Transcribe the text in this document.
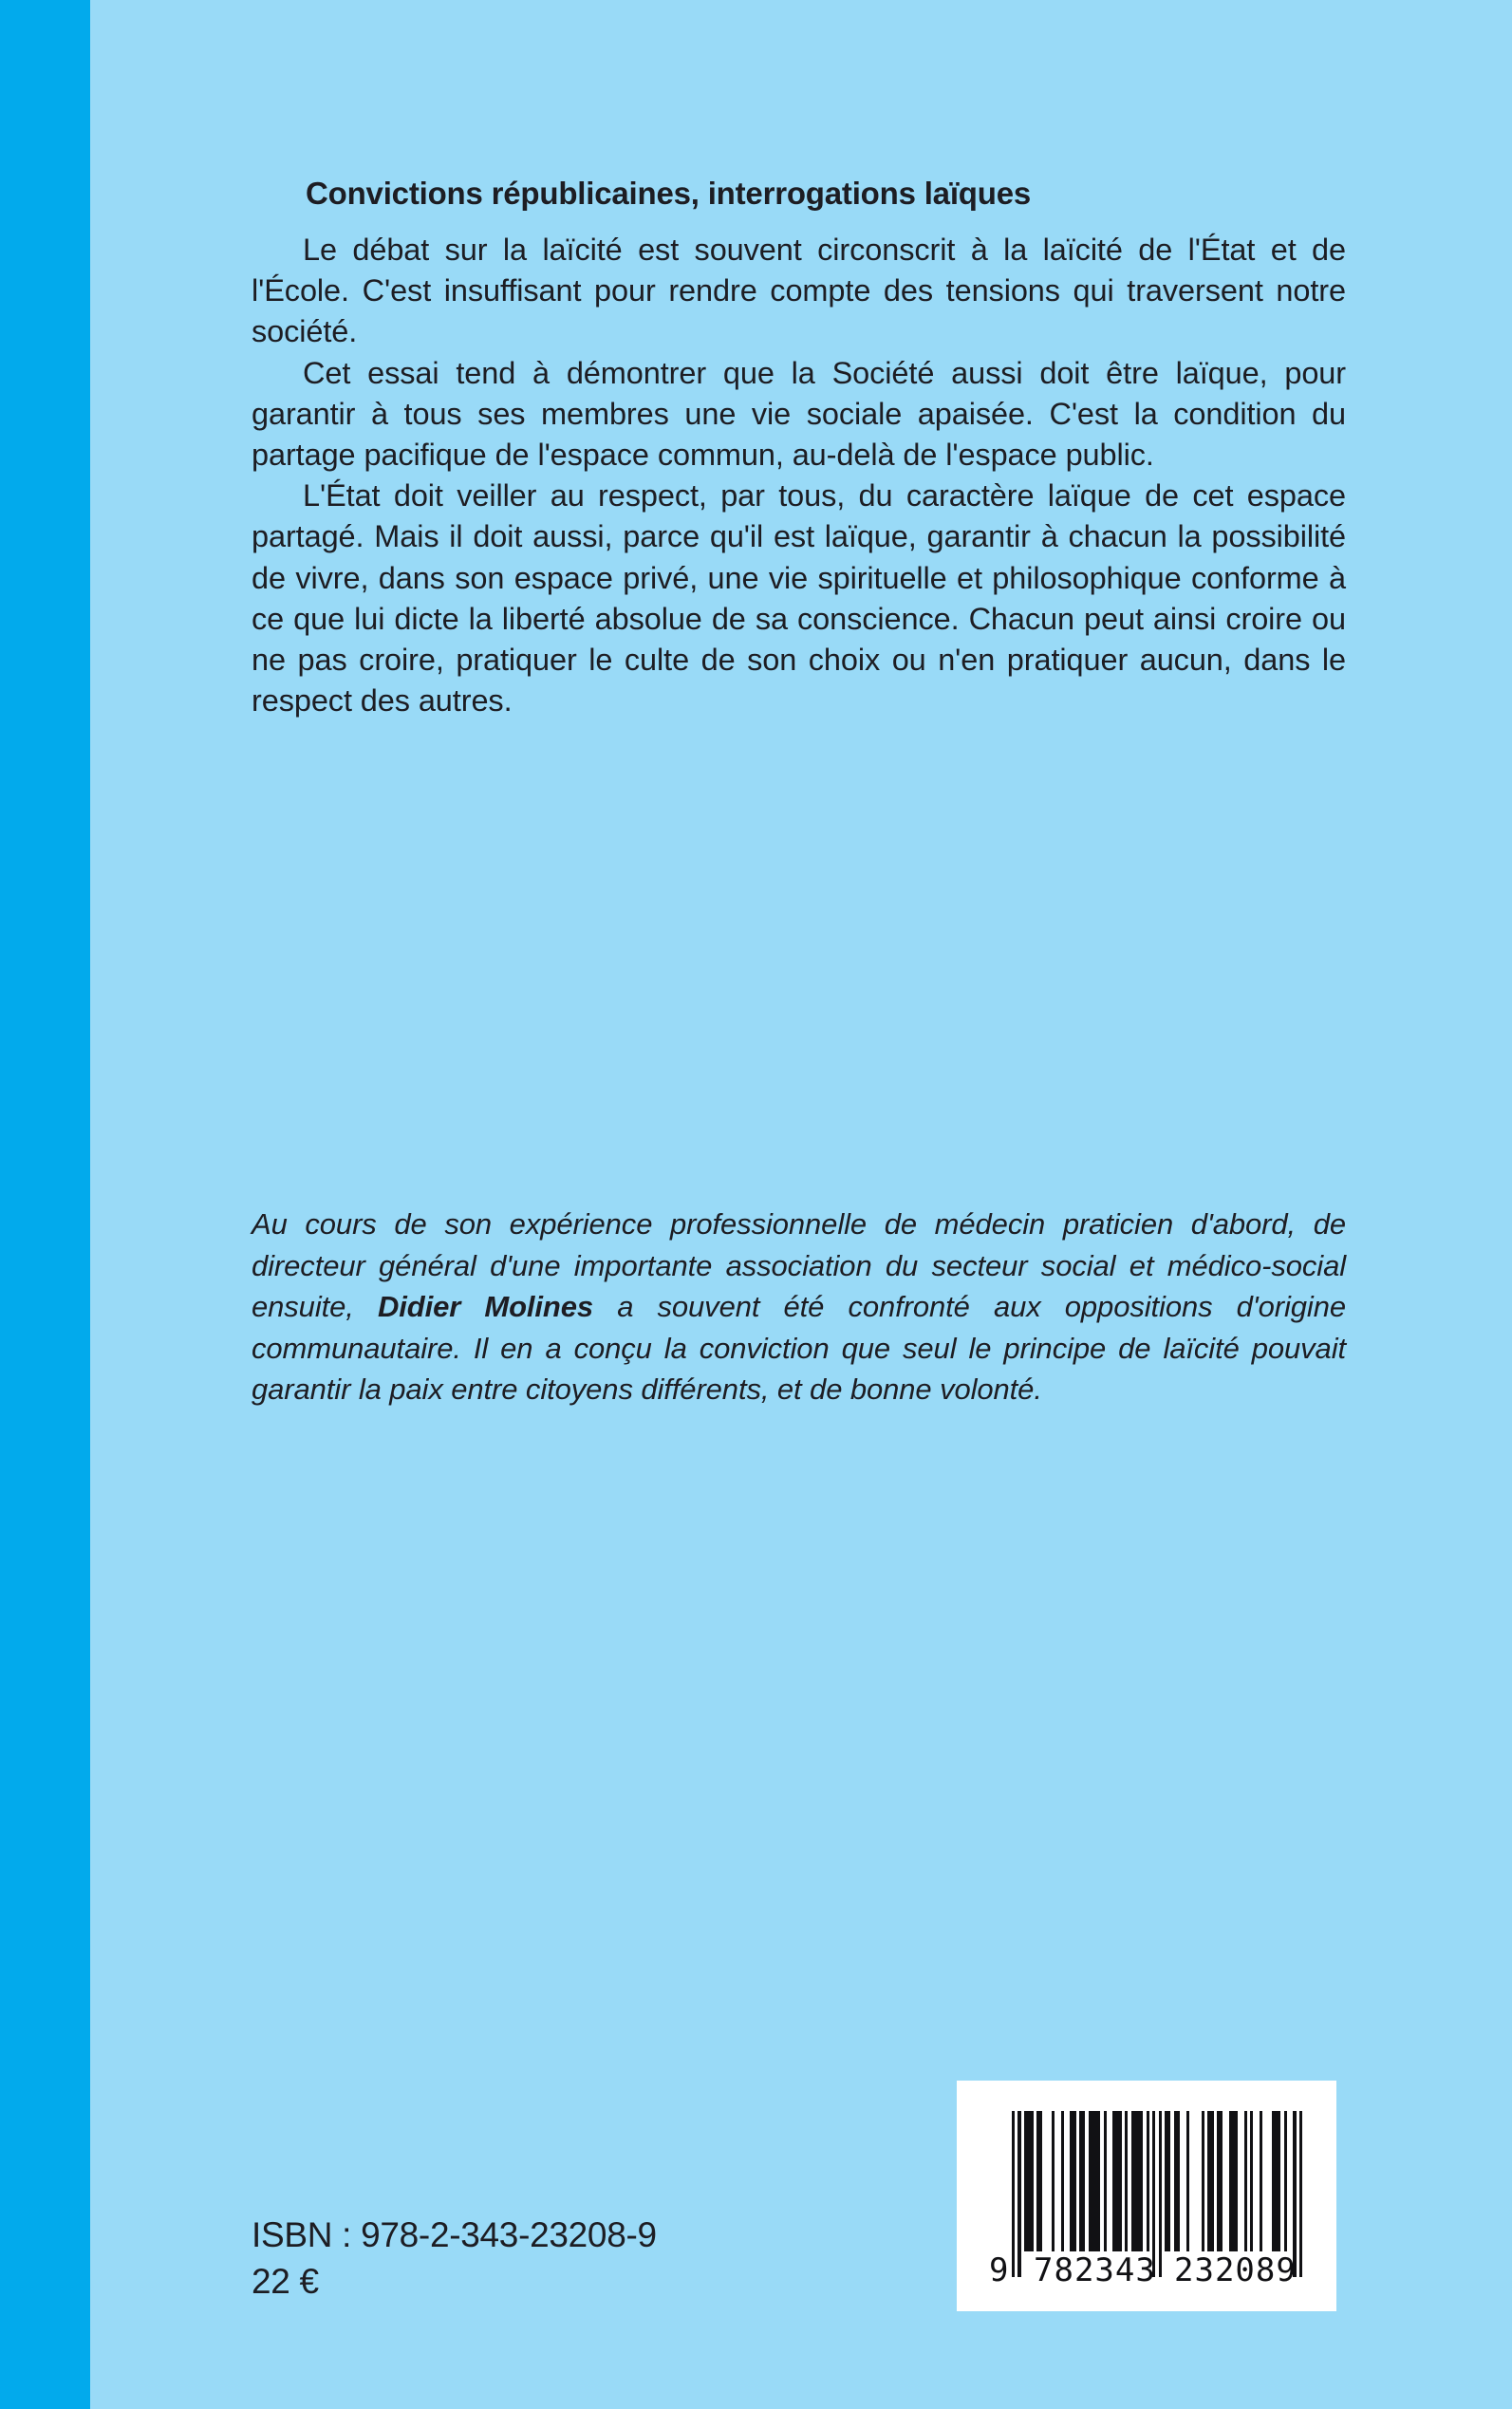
Convictions républicaines, interrogations laïques

Le débat sur la laïcité est souvent circonscrit à la laïcité de l'État et de l'École. C'est insuffisant pour rendre compte des tensions qui traversent notre société.

Cet essai tend à démontrer que la Société aussi doit être laïque, pour garantir à tous ses membres une vie sociale apaisée. C'est la condition du partage pacifique de l'espace commun, au-delà de l'espace public.

L'État doit veiller au respect, par tous, du caractère laïque de cet espace partagé. Mais il doit aussi, parce qu'il est laïque, garantir à chacun la possibilité de vivre, dans son espace privé, une vie spirituelle et philosophique conforme à ce que lui dicte la liberté absolue de sa conscience. Chacun peut ainsi croire ou ne pas croire, pratiquer le culte de son choix ou n'en pratiquer aucun, dans le respect des autres.

Au cours de son expérience professionnelle de médecin praticien d'abord, de directeur général d'une importante association du secteur social et médico-social ensuite, Didier Molines a souvent été confronté aux oppositions d'origine communautaire. Il en a conçu la conviction que seul le principe de laïcité pouvait garantir la paix entre citoyens différents, et de bonne volonté.

ISBN : 978-2-343-23208-9
22 €	9 782343 232089
